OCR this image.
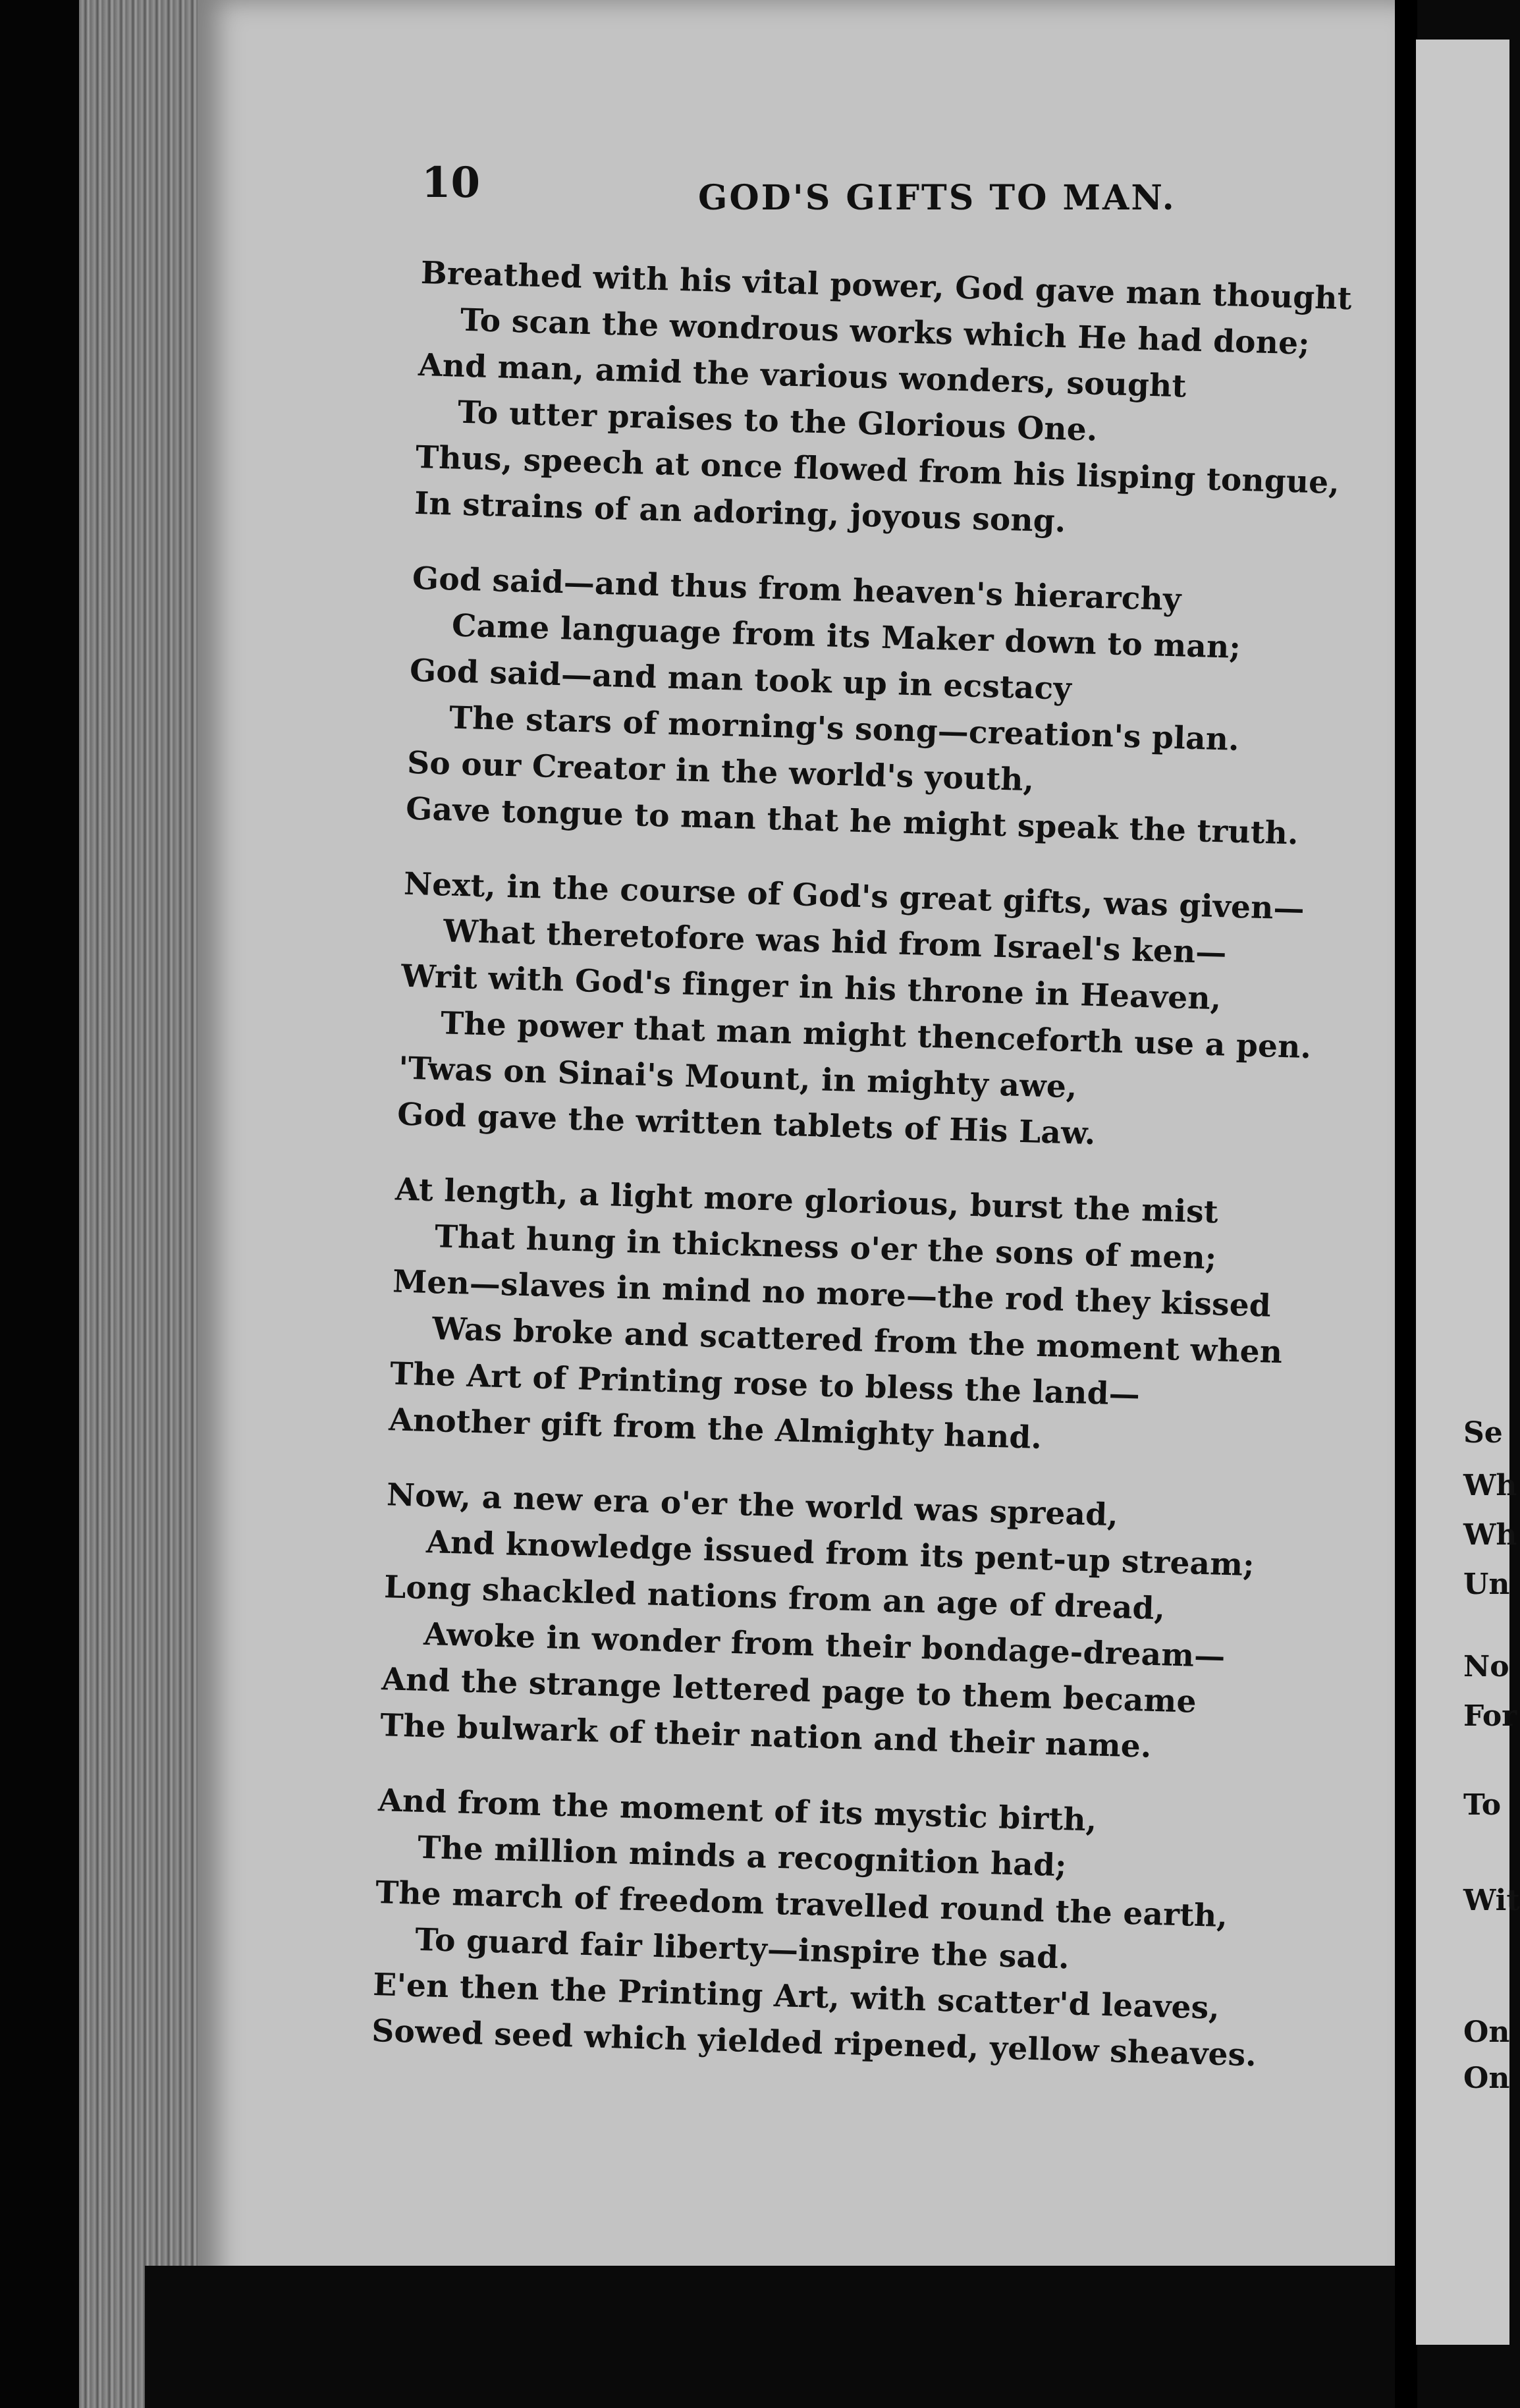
10	GOD'S GIFTS TO MAN.
Breathed with his vital power, God gave man thought
To scan the wondrous works which He had done;
And man, amid the various wonders, sought
To utter praises to the Glorious One.
Thus, speech at once flowed from his lisping tongue,
In strains of an adoring, joyous song.
God said—and thus from heaven's hierarchy
Came language from its Maker down to man;
God said—and man took up in ecstacy
The stars of morning's song—creation's plan.
So our Creator in the world's youth,
Gave tongue to man that he might speak the truth.
Next, in the course of God's great gifts, was given—
What theretofore was hid from Israel's ken—
Writ with God's finger in his throne in Heaven,
The power that man might thenceforth use a pen.
'Twas on Sinai's Mount, in mighty awe,
God gave the written tablets of His Law.
At length, a light more glorious, burst the mist
That hung in thickness o'er the sons of men;
Men—slaves in mind no more—the rod they kissed
Was broke and scattered from the moment when
The Art of Printing rose to bless the land—
Another gift from the Almighty hand.
Now, a new era o'er the world was spread,
And knowledge issued from its pent-up stream;
Long shackled nations from an age of dread,
Awoke in wonder from their bondage-dream—
And the strange lettered page to them became
The bulwark of their nation and their name.
And from the moment of its mystic birth,
The million minds a recognition had;
The march of freedom travelled round the earth,
To guard fair liberty—inspire the sad.
E'en then the Printing Art, with scatter'd leaves,
Sowed seed which yielded ripened, yellow sheaves.
Se
Wh
Wh
Un
No
For
To
Wit
On
On
